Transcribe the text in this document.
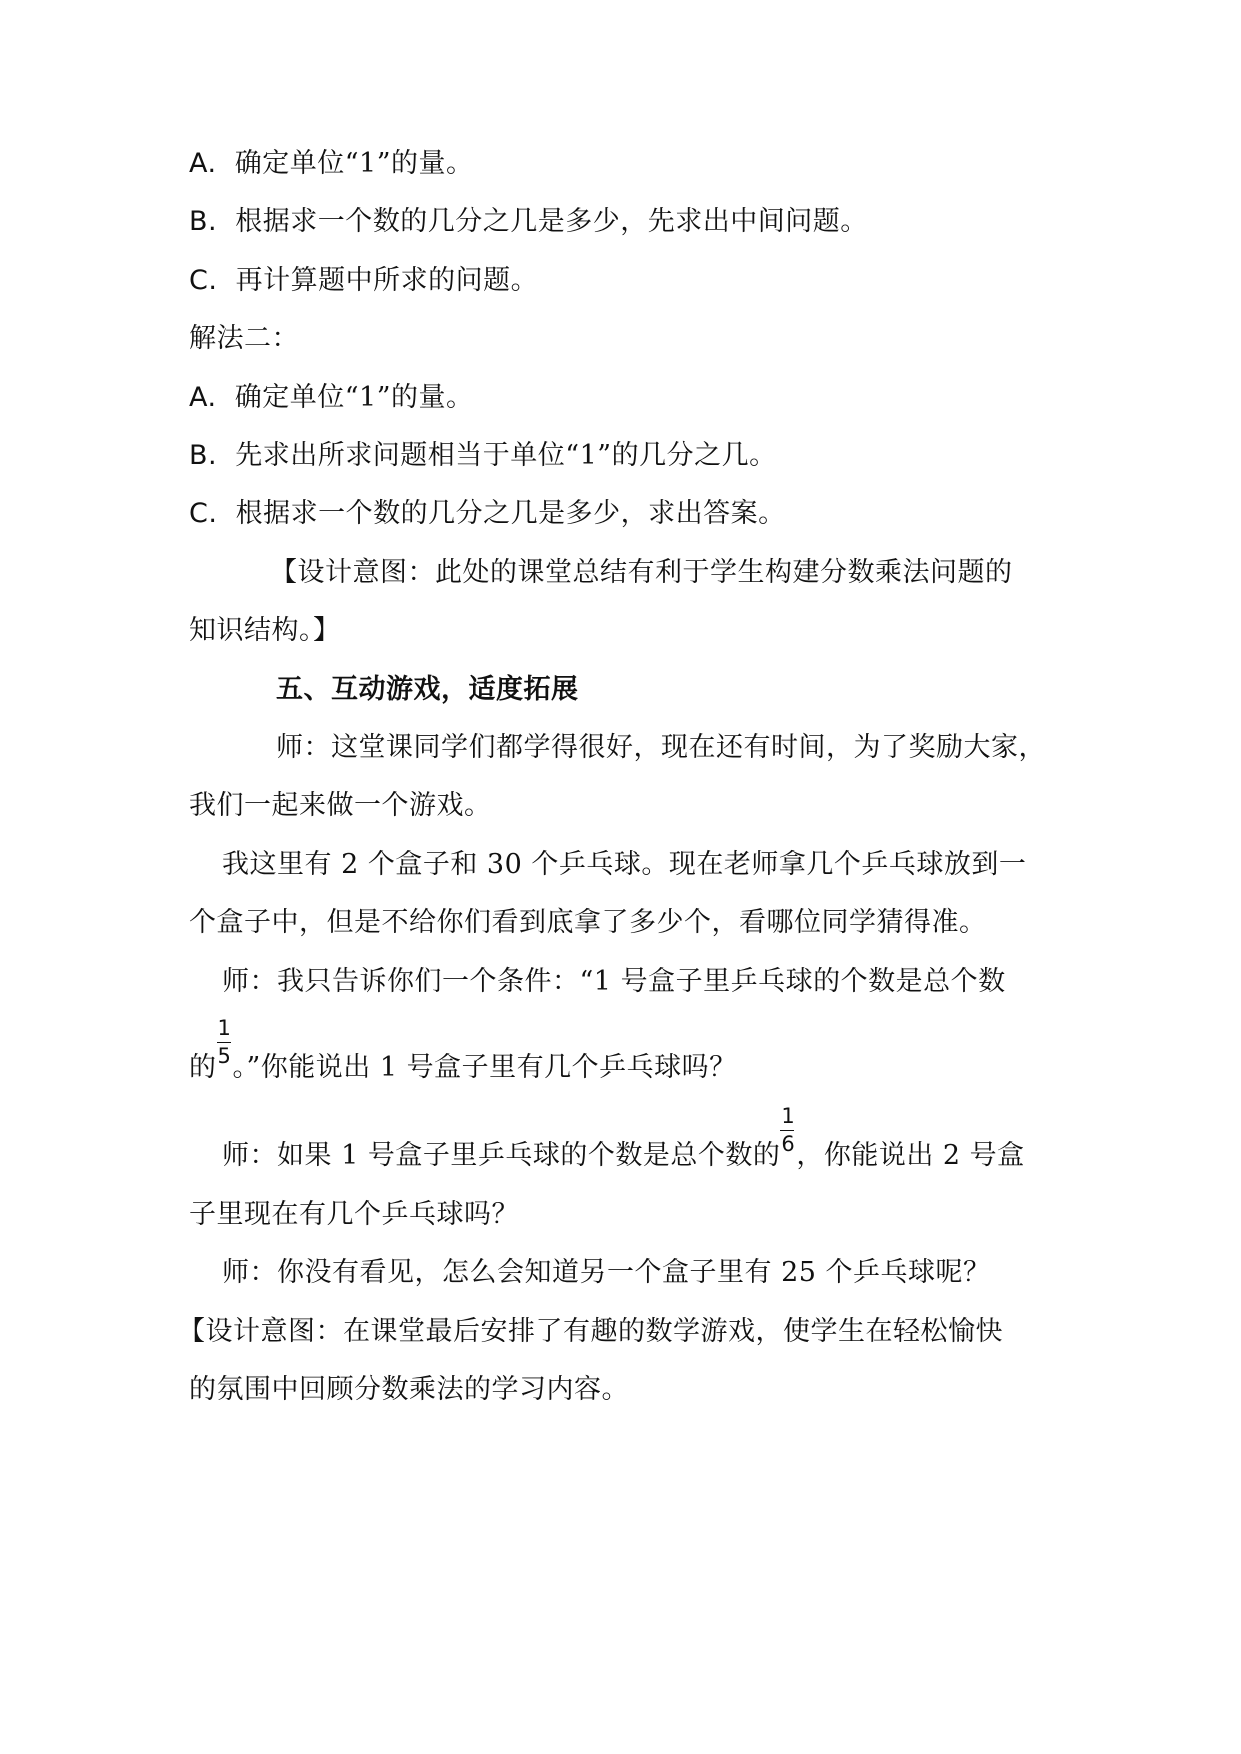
A. 确定单位“1”的量。
B. 根据求一个数的几分之几是多少，先求出中间问题。
C. 再计算题中所求的问题。
解法二：
A. 确定单位“1”的量。
B. 先求出所求问题相当于单位“1”的几分之几。
C. 根据求一个数的几分之几是多少，求出答案。
【设计意图：此处的课堂总结有利于学生构建分数乘法问题的
知识结构。】
五、互动游戏，适度拓展
师：这堂课同学们都学得很好，现在还有时间，为了奖励大家，
我们一起来做一个游戏。
我这里有 2 个盒子和 30 个乒乓球。现在老师拿几个乒乓球放到一
个盒子中，但是不给你们看到底拿了多少个，看哪位同学猜得准。
师：我只告诉你们一个条件：“1 号盒子里乒乓球的个数是总个数
的 $\frac{1}{5}$ 。”你能说出 1 号盒子里有几个乒乓球吗？
师：如果 1 号盒子里乒乓球的个数是总个数的 $\frac{1}{6}$ ，你能说出 2 号盒
子里现在有几个乒乓球吗？
师：你没有看见，怎么会知道另一个盒子里有 25 个乒乓球呢？
【设计意图：在课堂最后安排了有趣的数学游戏，使学生在轻松愉快
的氛围中回顾分数乘法的学习内容。
